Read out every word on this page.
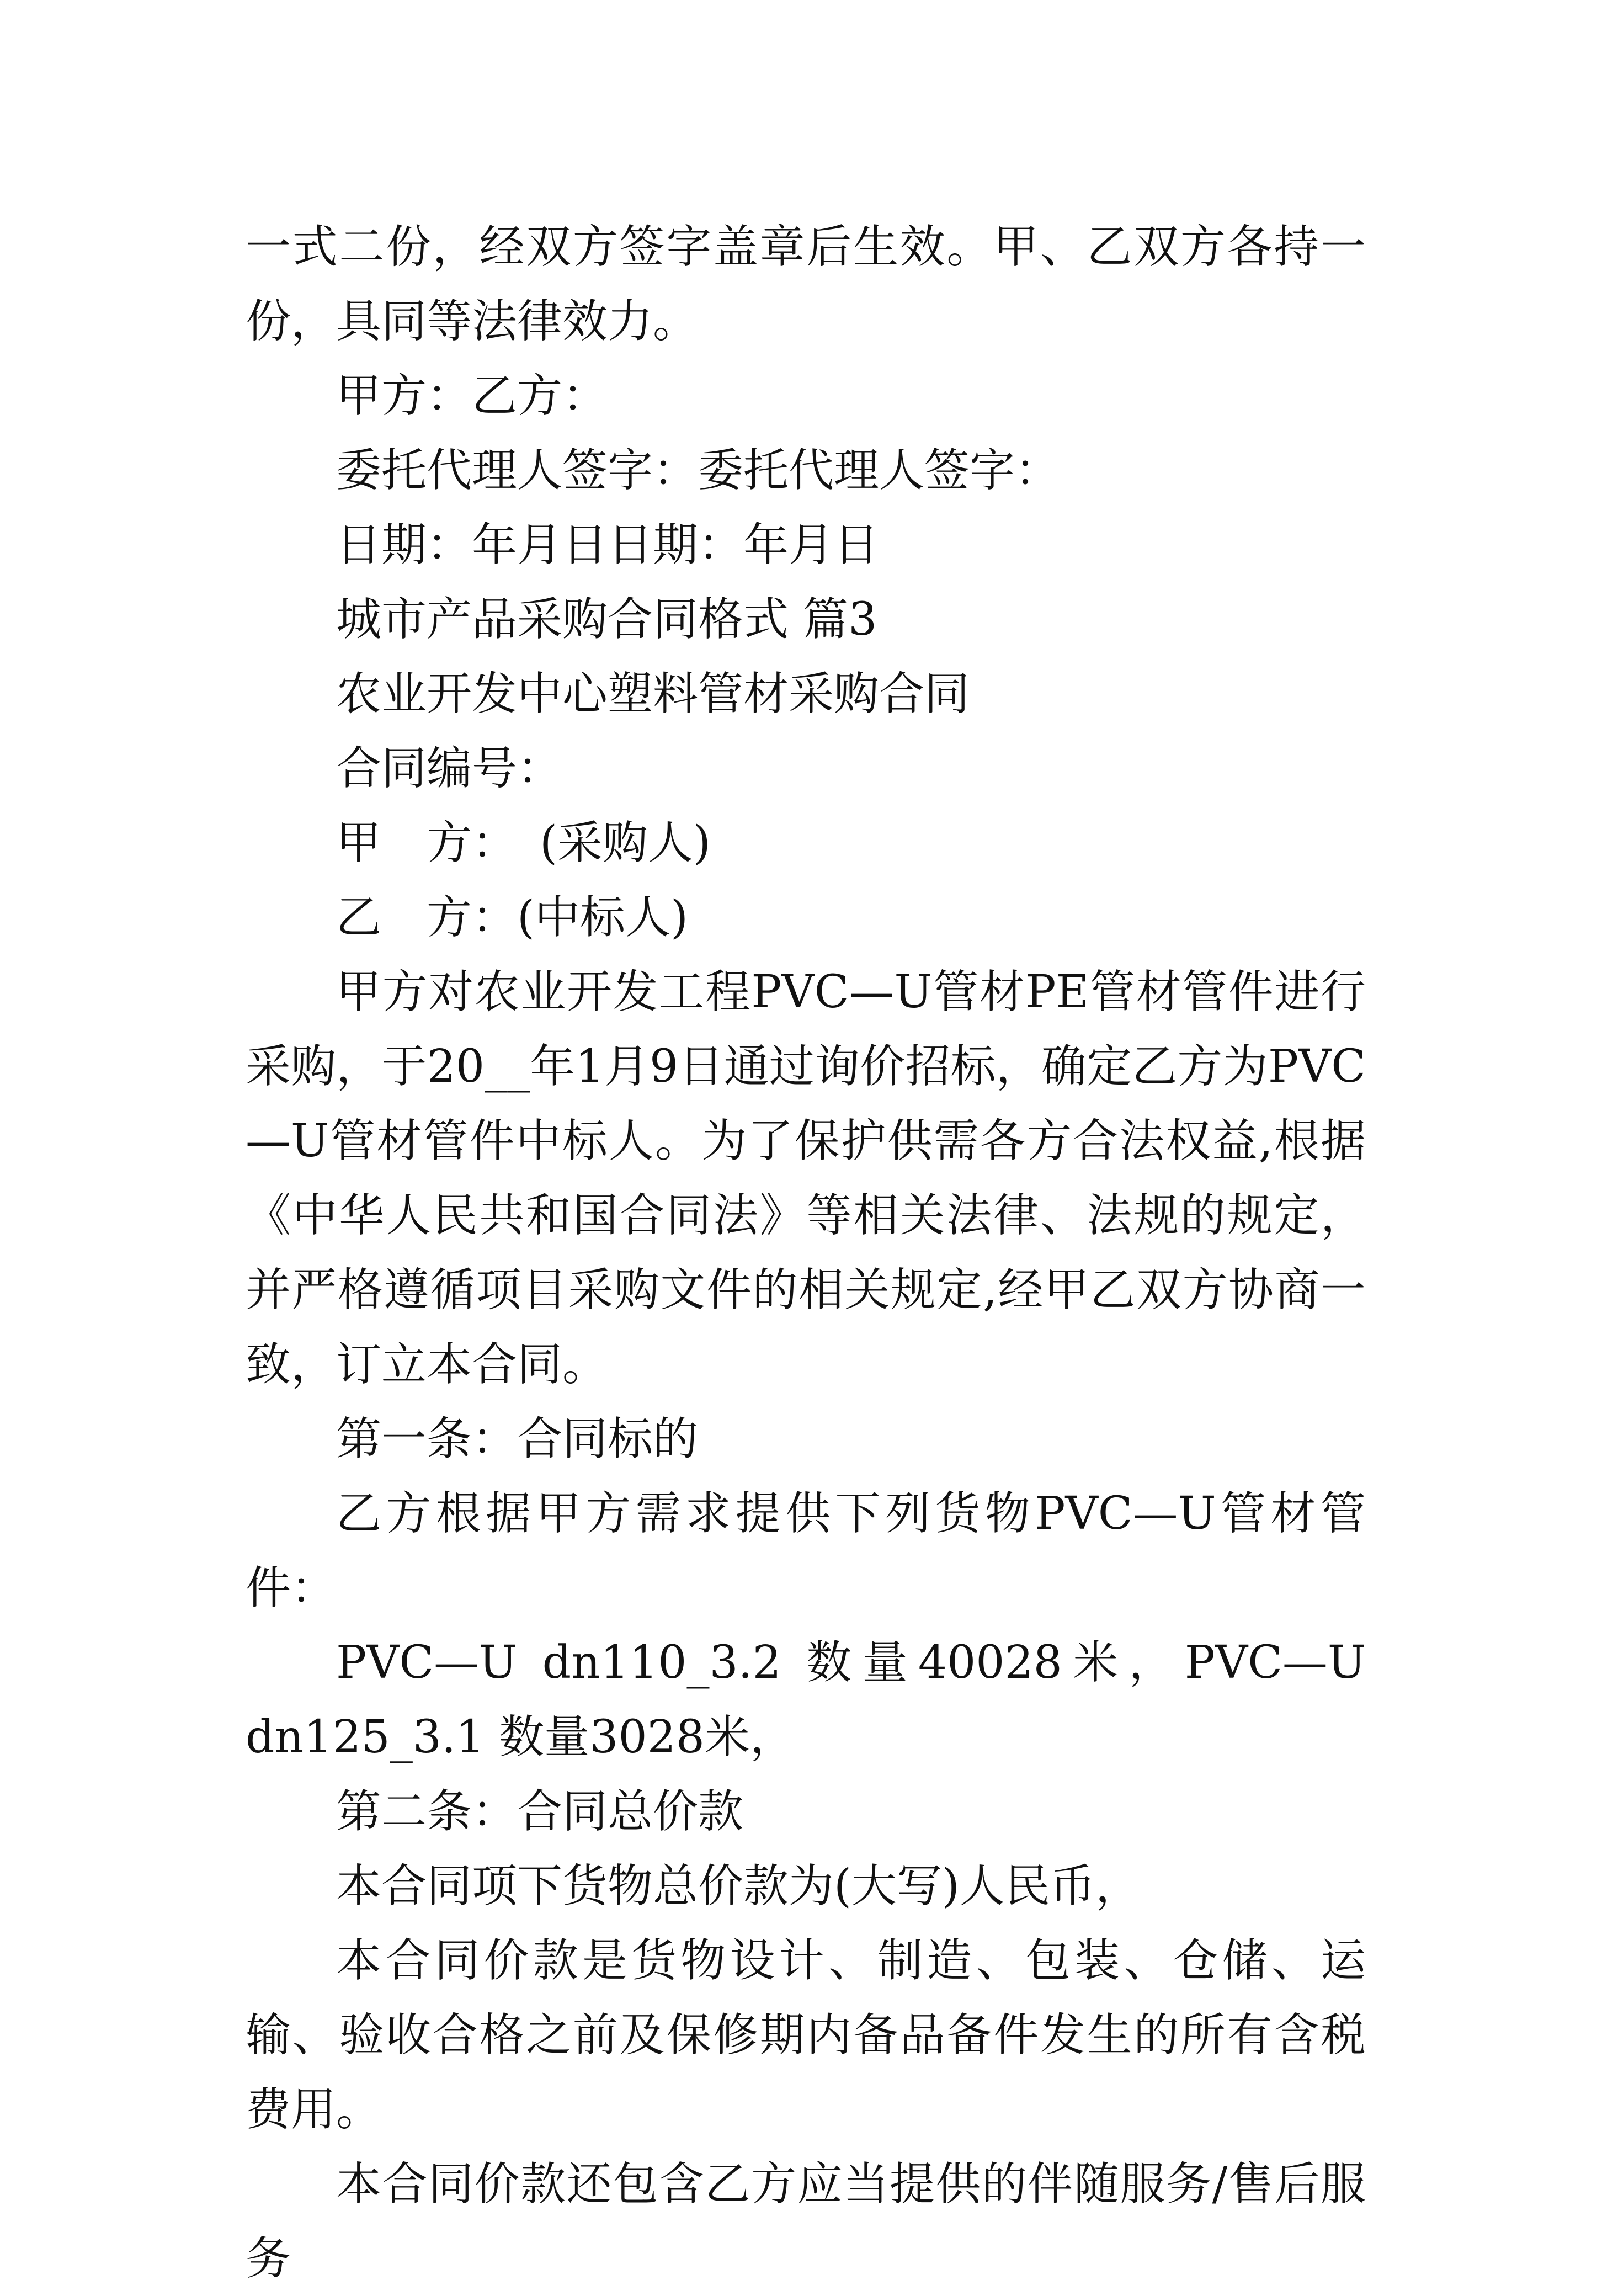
一式二份，经双方签字盖章后生效。甲、乙双方各持一份，具同等法律效力。

甲方：乙方：

委托代理人签字：委托代理人签字：

日期：年月日日期：年月日

城市产品采购合同格式 篇3

农业开发中心塑料管材采购合同

合同编号：

甲　方：　(采购人)

乙　方：(中标人)

甲方对农业开发工程PVC—U管材PE管材管件进行采购，于20__年1月9日通过询价招标，确定乙方为PVC—U管材管件中标人。为了保护供需各方合法权益,根据《中华人民共和国合同法》等相关法律、法规的规定，并严格遵循项目采购文件的相关规定,经甲乙双方协商一致，订立本合同。

第一条：合同标的

乙方根据甲方需求提供下列货物PVC—U管材管件：

PVC—U dn110_3.2 数量40028米，PVC—U dn125_3.1 数量3028米，

第二条：合同总价款

本合同项下货物总价款为(大写)人民币，

本合同价款是货物设计、制造、包装、仓储、运输、验收合格之前及保修期内备品备件发生的所有含税费用。

本合同价款还包含乙方应当提供的伴随服务/售后服务
